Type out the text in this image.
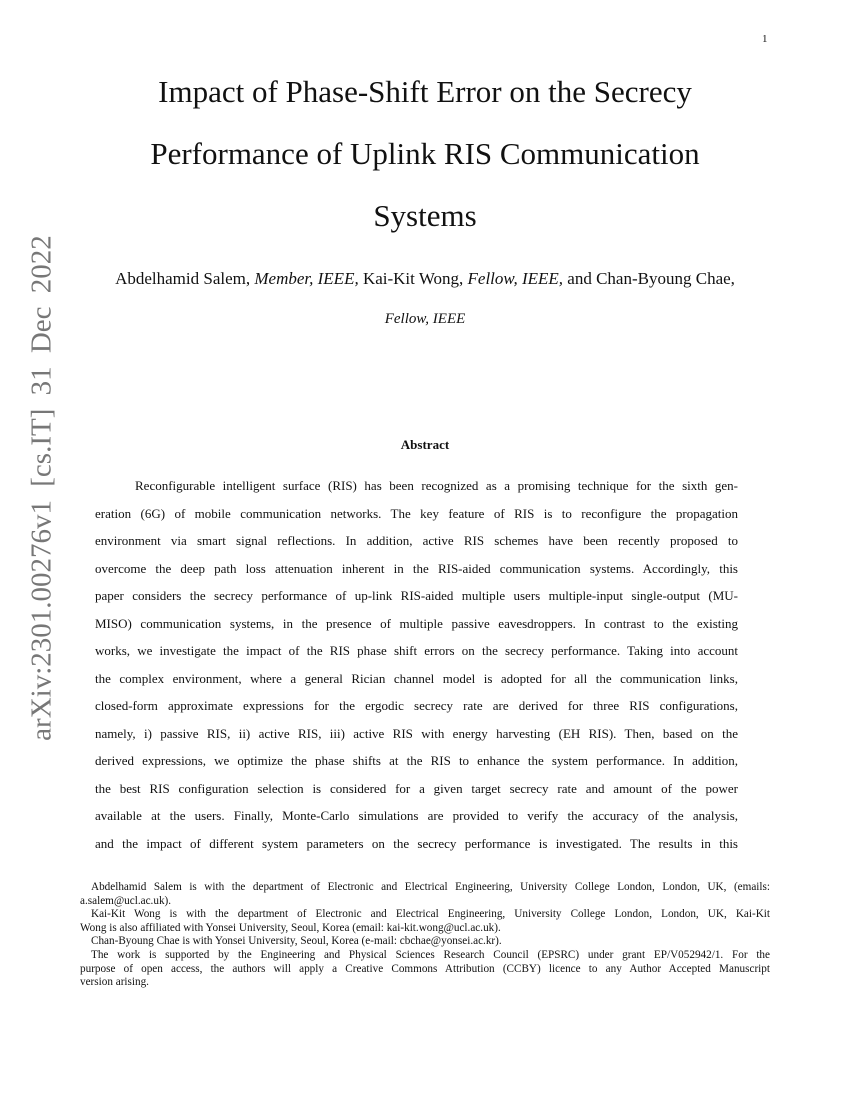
1
arXiv:2301.00276v1 [cs.IT] 31 Dec 2022
Impact of Phase-Shift Error on the Secrecy
Performance of Uplink RIS Communication
Systems
Abdelhamid Salem, Member, IEEE, Kai-Kit Wong, Fellow, IEEE, and Chan-Byoung Chae,
Fellow, IEEE
Abstract
Reconfigurable intelligent surface (RIS) has been recognized as a promising technique for the sixth gen-
eration (6G) of mobile communication networks. The key feature of RIS is to reconfigure the propagation
environment via smart signal reflections. In addition, active RIS schemes have been recently proposed to
overcome the deep path loss attenuation inherent in the RIS-aided communication systems. Accordingly, this
paper considers the secrecy performance of up-link RIS-aided multiple users multiple-input single-output (MU-
MISO) communication systems, in the presence of multiple passive eavesdroppers. In contrast to the existing
works, we investigate the impact of the RIS phase shift errors on the secrecy performance. Taking into account
the complex environment, where a general Rician channel model is adopted for all the communication links,
closed-form approximate expressions for the ergodic secrecy rate are derived for three RIS configurations,
namely, i) passive RIS, ii) active RIS, iii) active RIS with energy harvesting (EH RIS). Then, based on the
derived expressions, we optimize the phase shifts at the RIS to enhance the system performance. In addition,
the best RIS configuration selection is considered for a given target secrecy rate and amount of the power
available at the users. Finally, Monte-Carlo simulations are provided to verify the accuracy of the analysis,
and the impact of different system parameters on the secrecy performance is investigated. The results in this
Abdelhamid Salem is with the department of Electronic and Electrical Engineering, University College London, London, UK, (emails:
a.salem@ucl.ac.uk).
Kai-Kit Wong is with the department of Electronic and Electrical Engineering, University College London, London, UK, Kai-Kit
Wong is also affiliated with Yonsei University, Seoul, Korea (email: kai-kit.wong@ucl.ac.uk).
Chan-Byoung Chae is with Yonsei University, Seoul, Korea (e-mail: cbchae@yonsei.ac.kr).
The work is supported by the Engineering and Physical Sciences Research Council (EPSRC) under grant EP/V052942/1. For the
purpose of open access, the authors will apply a Creative Commons Attribution (CCBY) licence to any Author Accepted Manuscript
version arising.
